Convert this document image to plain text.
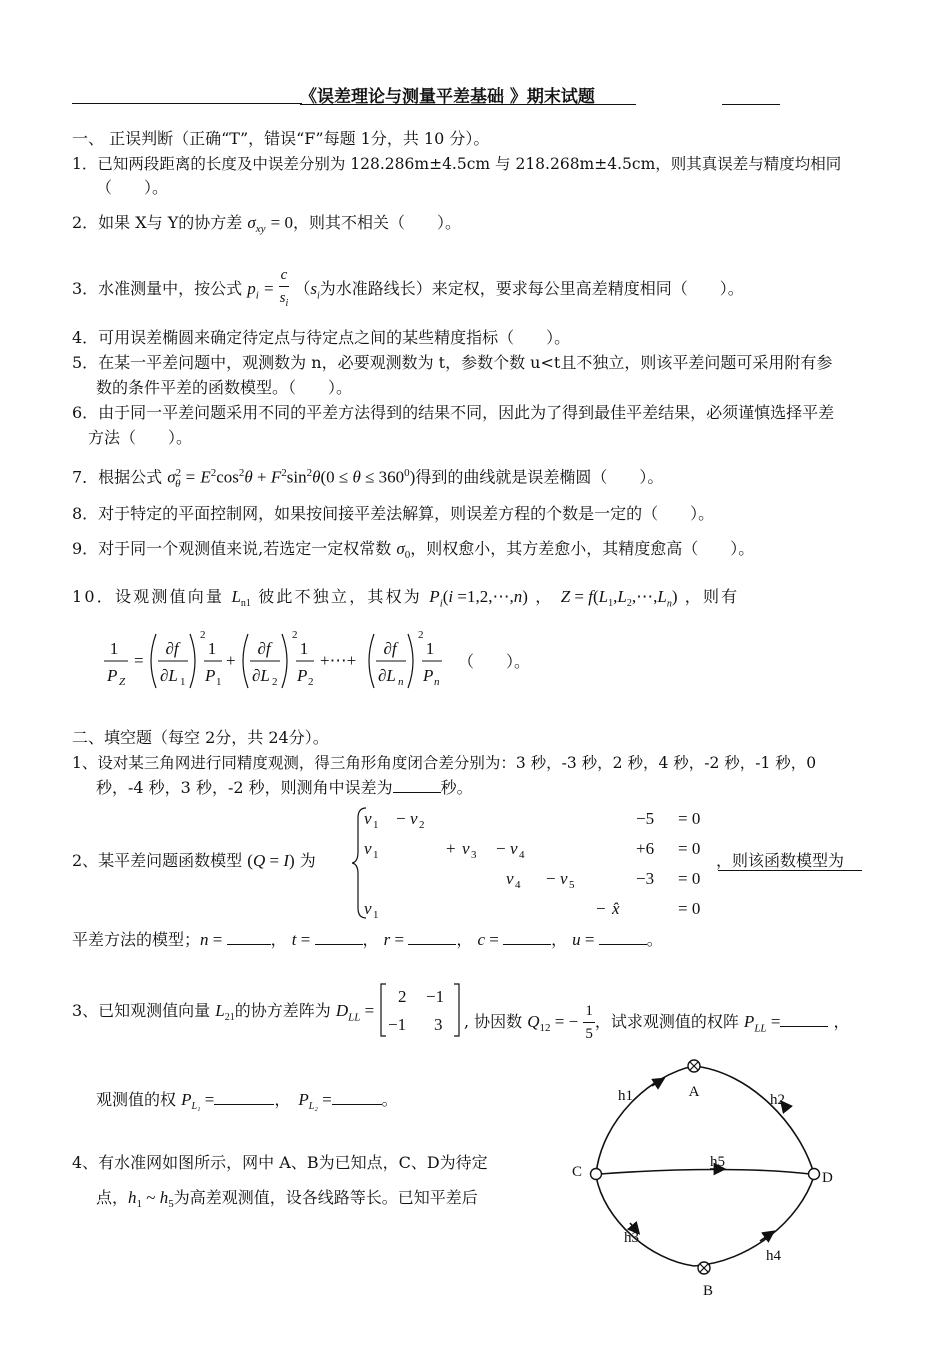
《误差理论与测量平差基础 》期末试题
一、 正误判断（正确“T”，错误“F”每题 1分，共 10 分）。
1．已知两段距离的长度及中误差分别为 128.286m±4.5cm 与 218.268m±4.5cm，则其真误差与精度均相同
（　　）。
2．如果 X与 Y的协方差 $\sigma_{xy} = 0$，则其不相关（　　）。
3．水准测量中，按公式 $p_i = \frac{c}{s_i} (s_i$为水准路线长）来定权，要求每公里高差精度相同（　　）。
4．可用误差椭圆来确定待定点与待定点之间的某些精度指标（　　）。
5．在某一平差问题中，观测数为 n，必要观测数为 t，参数个数 u<t且不独立，则该平差问题可采用附有参
数的条件平差的函数模型。（　　）。
6．由于同一平差问题采用不同的平差方法得到的结果不同，因此为了得到最佳平差结果，必须谨慎选择平差
方法（　　）。
7．根据公式 $\sigma^2_\theta = E^2\cos^2\theta + F^2\sin^2\theta(0 \le \theta \le 360^0)$得到的曲线就是误差椭圆（　　）。
8．对于特定的平面控制网，如果按间接平差法解算，则误差方程的个数是一定的（　　）。
9．对于同一个观测值来说,若选定一定权常数 $\sigma_0$，则权愈小，其方差愈小，其精度愈高（　　）。
10．设观测值向量 $L_{n1}$ 彼此不独立，其权为 $P_i(i$ =1,2,⋯,n) ， $Z = f(L_1,L_2,\cdots,L_n)$ ，则有
1
P Z
=
∂f
∂L 1
2
1
P 1
+
∂f
∂L 2
2
1
P 2
+⋯+
∂f
∂L n
2
1
P n
（　　）。
二、填空题（每空 2分，共 24分）。
1、设对某三角网进行同精度观测，得三角形角度闭合差分别为：3 秒，-3 秒，2 秒，4 秒，-2 秒，-1 秒，0
秒，-4 秒，3 秒，-2 秒，则测角中误差为	秒。
2、某平差问题函数模型 (Q = I) 为
v 1 − v 2	−5 = 0
v 1	+ v 3 − v 4	+6 = 0
v 4 − v 5	−3 = 0
v 1	− x̂	= 0
，则该函数模型为
平差方法的模型；n =	， t =	， r =	， c =	， u =	。
3、已知观测值向量 $L_{21}$的协方差阵为 $D_{LL}$ =
2 −1
−1 3 , 协因数 $Q_{12}$ = − $\frac{1}{5}$ ，试求观测值的权阵 $P_{LL}$ =	，
观测值的权 $P_{L_1}$ =	，　$P_{L_2}$ =	。
4、有水准网如图所示，网中 A、B为已知点，C、D为待定
点，$h_1$ ~ $h_5$为高差观测值，设各线路等长。已知平差后
A
B
C	D
h1	h2
h3
h4
h5
